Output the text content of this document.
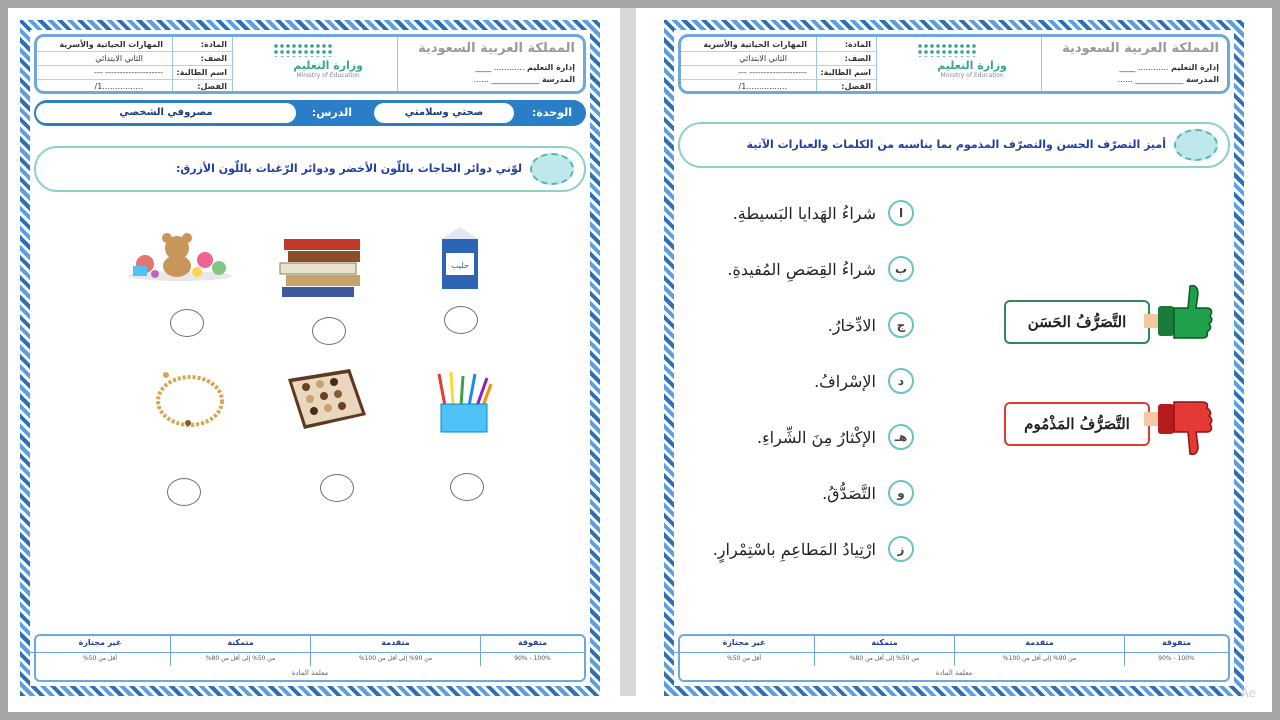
المملكة العربية السعودية
إدارة التعليم ............ ____
المدرسة ____________ ......
وزارة التعليم
Ministry of Education
المادة:
المهارات الحياتية والأسرية
الصف:
الثاني الابتدائي
اسم الطالبة:
-------------------- ---
الفصل:
................1/
الوحدة:
صحتي وسلامتي
الدرس:
مصروفي الشخصي
لوّني دوائر الحاجات باللّون الأخضر ودوائر الرّغبات باللّون الأزرق:
حليب
متفوقة
100% - 90%
متقدمة
من 90% إلى أقل من 100%
متمكنة
من 50% إلى أقل من 80%
غير مجتازة
أقل من 50%
معلمة المادة
المملكة العربية السعودية
إدارة التعليم ............ ____
المدرسة ____________ ......
وزارة التعليم
Ministry of Education
المادة:
المهارات الحياتية والأسرية
الصف:
الثاني الابتدائي
اسم الطالبة:
-------------------- ---
الفصل:
................1/
أميز التصرّف الحسن والتصرّف المذموم بما يناسبه من الكلمات والعبارات الآتية
ا
شراءُ الهَدايا البَسيطةِ.
ب
شراءُ القِصَصِ المُفيدةِ.
ج
الادِّخارُ.
د
الإسْرافُ.
هـ
الإكْثارُ مِنَ الشِّراءِ.
و
التَّصَدُّقُ.
ز
ارْتِيادُ المَطاعِمِ باسْتِمْرارٍ.
التَّصَرُّفُ الحَسَن
التَّصَرُّفُ المَذْمُوم
متفوقة
100% - 90%
متقدمة
من 90% إلى أقل من 100%
متمكنة
من 50% إلى أقل من 80%
غير مجتازة
أقل من 50%
معلمة المادة
Ae
